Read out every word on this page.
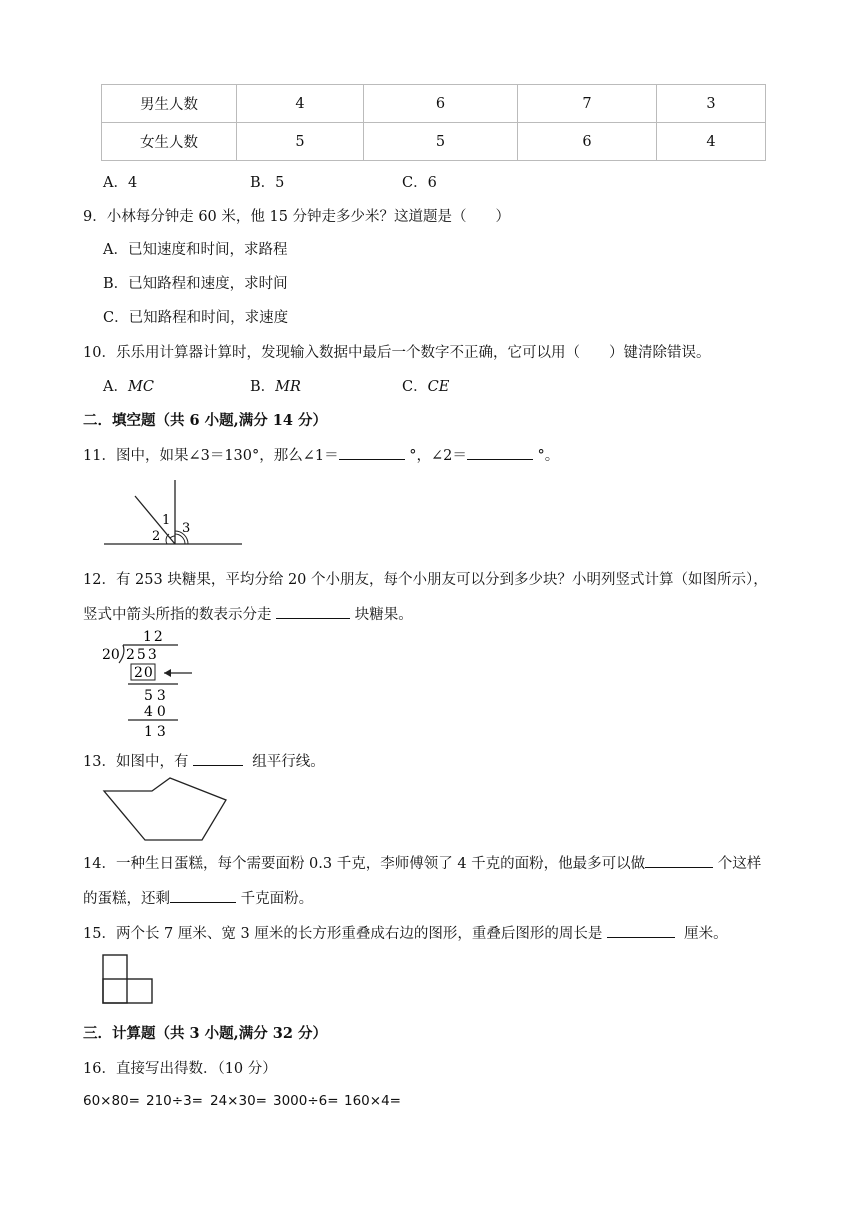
男生人数	4	6	7	3
女生人数	5	5	6	4
A．4	B．5	C．6
9．小林每分钟走 60 米，他 15 分钟走多少米？这道题是（　　）
A．已知速度和时间，求路程
B．已知路程和速度，求时间
C．已知路程和时间，求速度
10．乐乐用计算器计算时，发现输入数据中最后一个数字不正确，它可以用（　　）键清除错误。
A．MC	B．MR	C．CE
二．填空题（共 6 小题,满分 14 分）
11．图中，如果∠3＝130°，那么∠1＝	°，∠2＝	°。
1
2
3
12．有 253 块糖果，平均分给 20 个小朋友，每个小朋友可以分到多少块？小明列竖式计算（如图所示），
竖式中箭头所指的数表示分走	块糖果。
12
20 253
20
53
40
13
13．如图中，有	组平行线。
14．一种生日蛋糕，每个需要面粉 0.3 千克，李师傅领了 4 千克的面粉，他最多可以做	个这样
的蛋糕，还剩	千克面粉。
15．两个长 7 厘米、宽 3 厘米的长方形重叠成右边的图形，重叠后图形的周长是	厘米。
三．计算题（共 3 小题,满分 32 分）
16．直接写出得数．（10 分）
60×80= 210÷3= 24×30= 3000÷6= 160×4=
